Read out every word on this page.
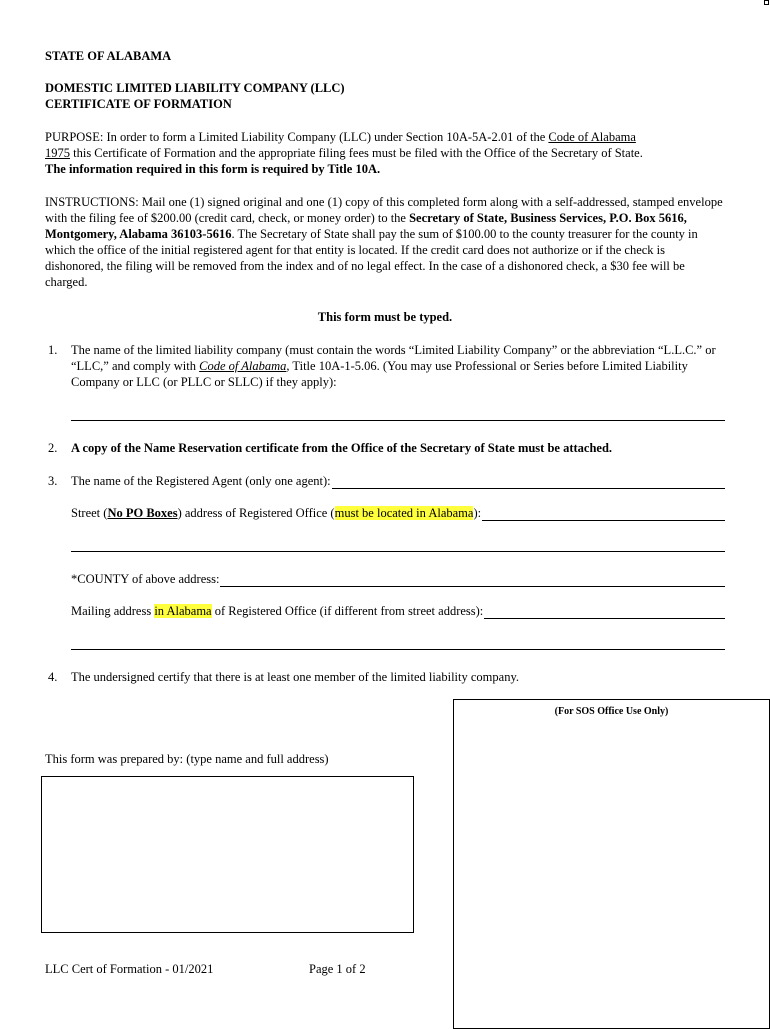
STATE OF ALABAMA
DOMESTIC LIMITED LIABILITY COMPANY (LLC)
CERTIFICATE OF FORMATION
PURPOSE: In order to form a Limited Liability Company (LLC) under Section 10A-5A-2.01 of the Code of Alabama
1975 this Certificate of Formation and the appropriate filing fees must be filed with the Office of the Secretary of State.
The information required in this form is required by Title 10A.
INSTRUCTIONS: Mail one (1) signed original and one (1) copy of this completed form along with a self-addressed, stamped envelope with the filing fee of $200.00 (credit card, check, or money order) to the Secretary of State, Business Services, P.O. Box 5616, Montgomery, Alabama 36103-5616. The Secretary of State shall pay the sum of $100.00 to the county treasurer for the county in which the office of the initial registered agent for that entity is located. If the credit card does not authorize or if the check is dishonored, the filing will be removed from the index and of no legal effect. In the case of a dishonored check, a $30 fee will be charged.
This form must be typed.
1. The name of the limited liability company (must contain the words “Limited Liability Company” or the abbreviation “L.L.C.” or “LLC,” and comply with Code of Alabama, Title 10A-1-5.06. (You may use Professional or Series before Limited Liability Company or LLC (or PLLC or SLLC) if they apply):
2. A copy of the Name Reservation certificate from the Office of the Secretary of State must be attached.
3. The name of the Registered Agent (only one agent):
Street (No PO Boxes) address of Registered Office (must be located in Alabama):
*COUNTY of above address:
Mailing address in Alabama of Registered Office (if different from street address):
4. The undersigned certify that there is at least one member of the limited liability company.
(For SOS Office Use Only)
This form was prepared by: (type name and full address)
LLC Cert of Formation - 01/2021	Page 1 of 2
